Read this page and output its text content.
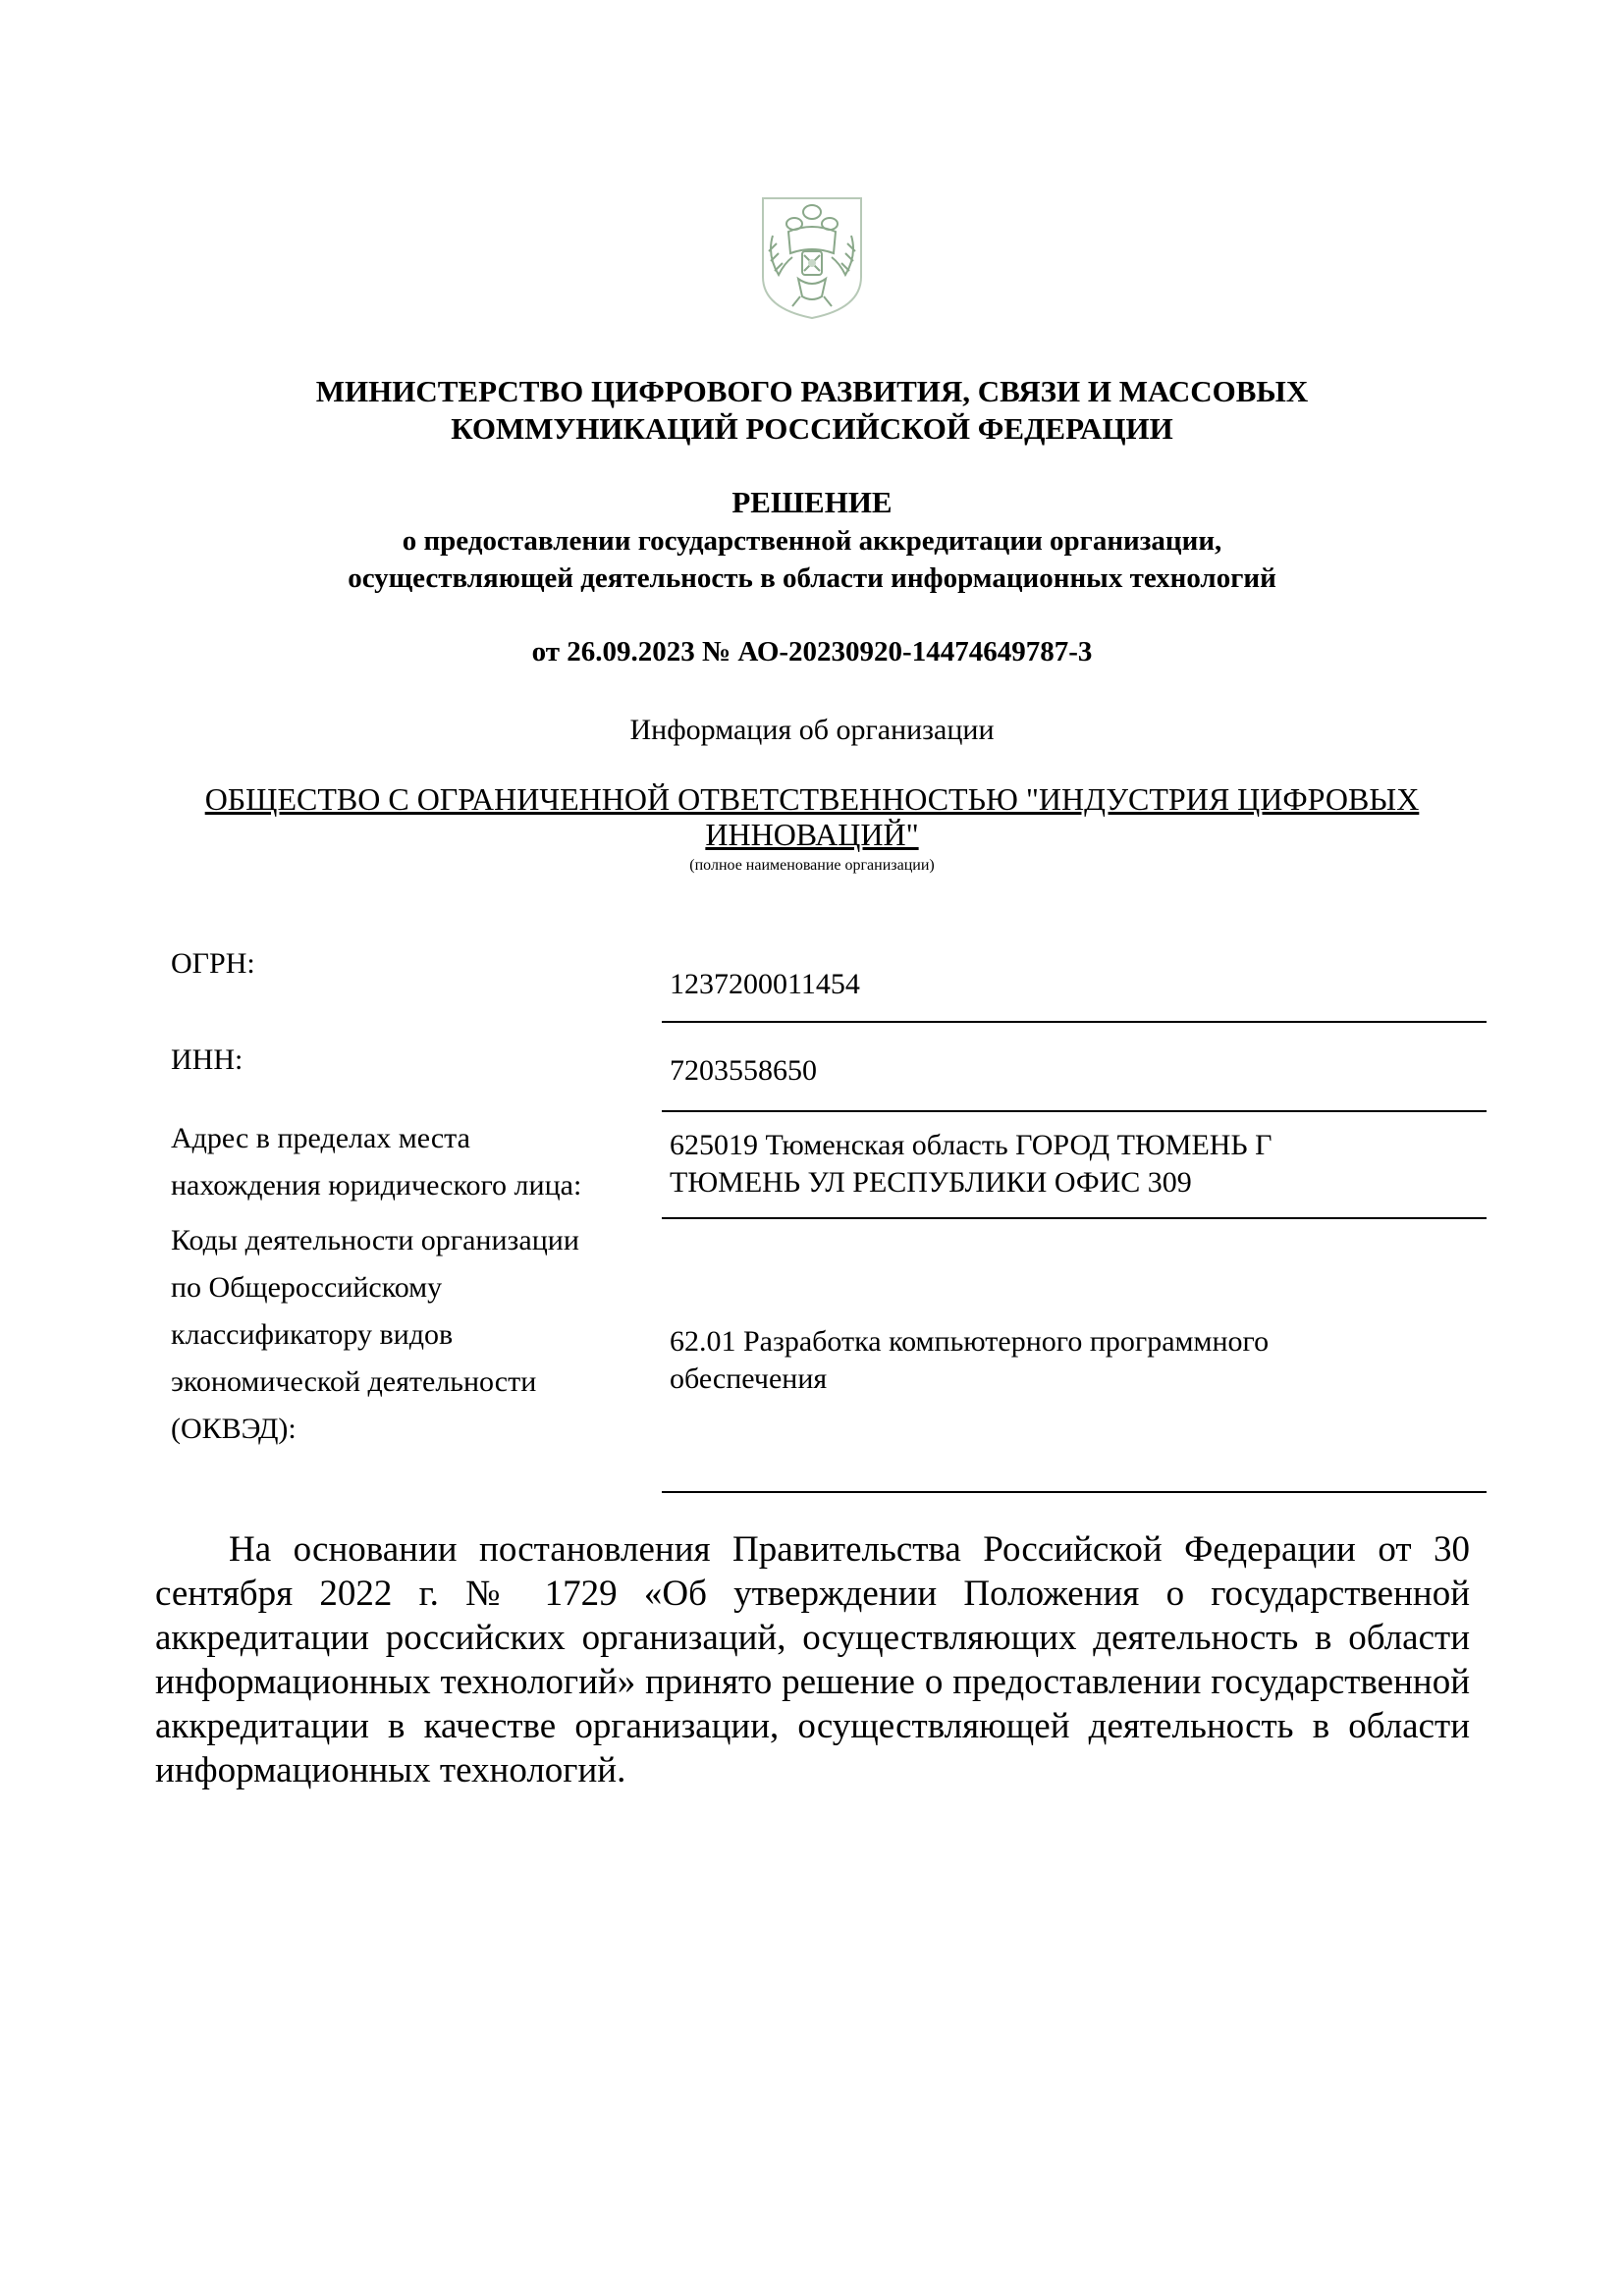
МИНИСТЕРСТВО ЦИФРОВОГО РАЗВИТИЯ, СВЯЗИ И МАССОВЫХ
КОММУНИКАЦИЙ РОССИЙСКОЙ ФЕДЕРАЦИИ
РЕШЕНИЕ
о предоставлении государственной аккредитации организации,
осуществляющей деятельность в области информационных технологий
от 26.09.2023 № АО-20230920-14474649787-3
Информация об организации
ОБЩЕСТВО С ОГРАНИЧЕННОЙ ОТВЕТСТВЕННОСТЬЮ "ИНДУСТРИЯ ЦИФРОВЫХ
ИННОВАЦИЙ"
(полное наименование организации)
ОГРН:
1237200011454
ИНН:	7203558650
Адрес в пределах места
нахождения юридического лица:
625019 Тюменская область ГОРОД ТЮМЕНЬ Г
ТЮМЕНЬ УЛ РЕСПУБЛИКИ ОФИС 309
Коды деятельности организации
по Общероссийскому
классификатору видов
экономической деятельности
(ОКВЭД):
62.01 Разработка компьютерного программного
обеспечения
На основании постановления Правительства Российской Федерации от 30 сентября 2022 г. № 1729 «Об утверждении Положения о государственной аккредитации российских организаций, осуществляющих деятельность в области информационных технологий» принято решение о предоставлении государственной аккредитации в качестве организации, осуществляющей деятельность в области информационных технологий.
